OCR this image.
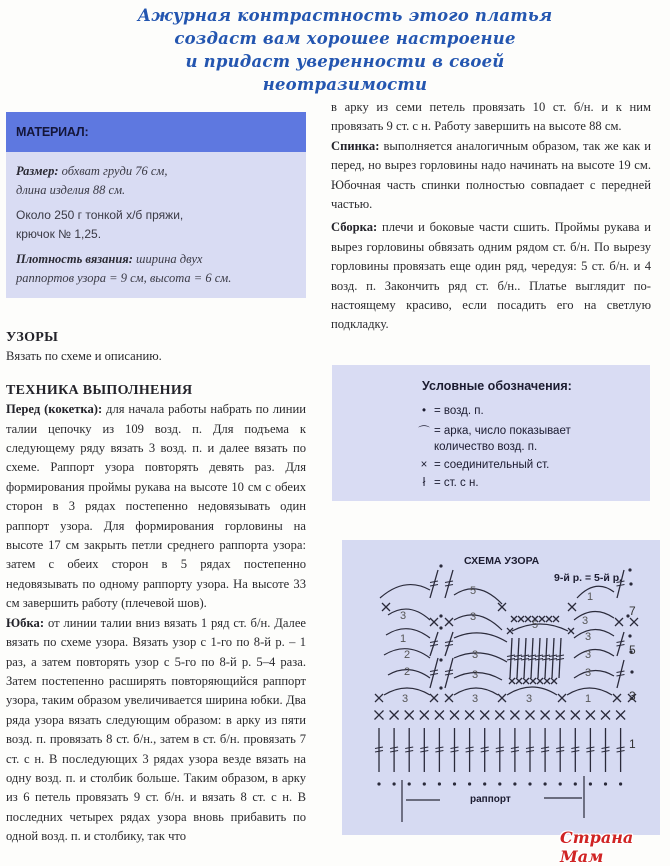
Ажурная контрастность этого платья
создаст вам хорошее настроение
и придаст уверенности в своей неотразимости
МАТЕРИАЛ:

Размер: обхват груди 76 см,
длина изделия 88 см.

Около 250 г тонкой х/б пряжи,
крючок № 1,25.

Плотность вязания: ширина двух
раппортов узора = 9 см, высота = 6 см.

УЗОРЫ

Вязать по схеме и описанию.

ТЕХНИКА ВЫПОЛНЕНИЯ

Перед (кокетка): для начала работы набрать по линии талии цепочку из 109 возд. п. Для подъема к следующему ряду вязать 3 возд. п. и далее вязать по схеме. Раппорт узора повторять девять раз. Для формирования проймы рукава на высоте 10 см с обеих сторон в 3 рядах постепенно недовязывать один раппорт узора. Для формирования горловины на высоте 17 см закрыть петли среднего раппорта узора: затем с обеих сторон в 5 рядах постепенно недовязывать по одному раппорту узора. На высоте 33 см завершить работу (плечевой шов).

Юбка: от линии талии вниз вязать 1 ряд ст. б/н. Далее вязать по схеме узора. Вязать узор с 1-го по 8-й р. – 1 раз, а затем повторять узор с 5-го по 8-й р. 5–4 раза. Затем постепенно расширять повторяющийся раппорт узора, таким образом увеличивается ширина юбки. Два ряда узора вязать следующим образом: в арку из пяти возд. п. провязать 8 ст. б/н., затем в ст. б/н. провязать 7 ст. с н. В последующих 3 рядах узора везде вязать на одну возд. п. и столбик больше. Таким образом, в арку из 6 петель провязать 9 ст. б/н. и вязать 8 ст. с н. В последних четырех рядах узора вновь прибавить по одной возд. п. и столбику, так что

в арку из семи петель провязать 10 ст. б/н. и к ним провязать 9 ст. с н. Работу завершить на высоте 88 см.

Спинка: выполняется аналогичным образом, так же как и перед, но вырез горловины надо начинать на высоте 19 см. Юбочная часть спинки полностью совпадает с передней частью.

Сборка: плечи и боковые части сшить. Проймы рукава и вырез горловины обвязать одним рядом ст. б/н. По вырезу горловины провязать еще один ряд, чередуя: 5 ст. б/н. и 4 возд. п. Закончить ряд ст. б/н.. Платье выглядит по-настоящему красиво, если посадить его на светлую подкладку.

Условные обозначения:
• = возд. п.
⌒ = арка, число показывает
количество возд. п.
× = соединительный ст.
ł = ст. с н.
СХЕМА УЗОРА
9-й р. = 5-й р.
3	3	3	1
5
3
1
2
2
3
3
3
5
3
3
3
3
1
7
5
3
1
раппорт
Страна Мам
